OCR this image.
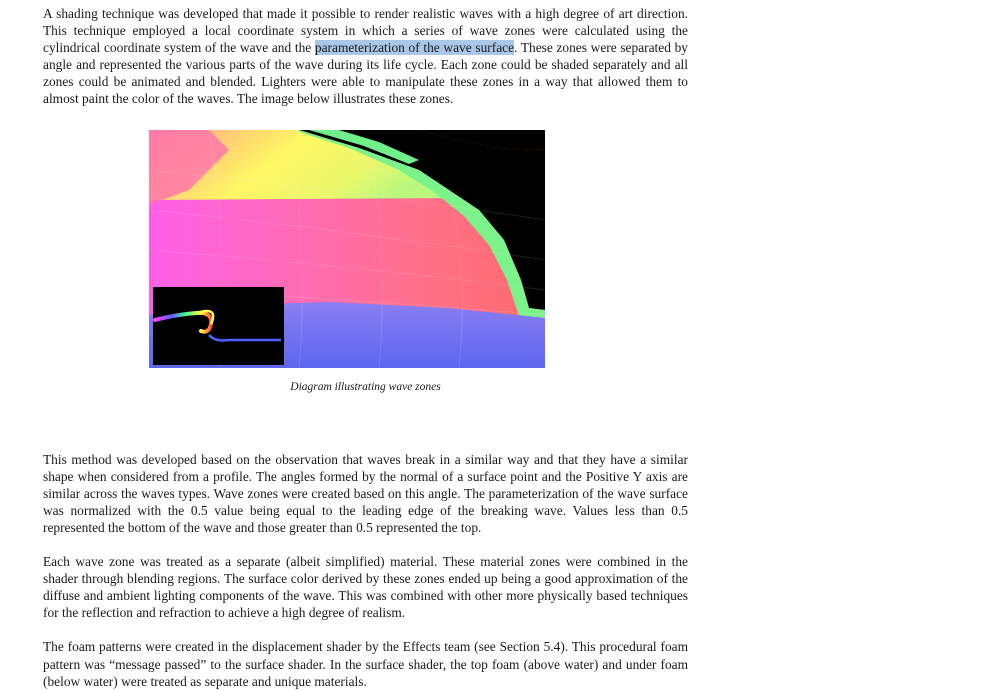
A shading technique was developed that made it possible to render realistic waves with a high degree of art direction. This technique employed a local coordinate system in which a series of wave zones were calculated using the cylindrical coordinate system of the wave and the parameterization of the wave surface. These zones were separated by angle and represented the various parts of the wave during its life cycle. Each zone could be shaded separately and all zones could be animated and blended. Lighters were able to manipulate these zones in a way that allowed them to almost paint the color of the waves. The image below illustrates these zones.

Diagram illustrating wave zones

This method was developed based on the observation that waves break in a similar way and that they have a similar shape when considered from a profile. The angles formed by the normal of a surface point and the Positive Y axis are similar across the waves types. Wave zones were created based on this angle. The parameterization of the wave surface was normalized with the 0.5 value being equal to the leading edge of the breaking wave. Values less than 0.5 represented the bottom of the wave and those greater than 0.5 represented the top.

Each wave zone was treated as a separate (albeit simplified) material. These material zones were combined in the shader through blending regions. The surface color derived by these zones ended up being a good approximation of the diffuse and ambient lighting components of the wave. This was combined with other more physically based techniques for the reflection and refraction to achieve a high degree of realism.

The foam patterns were created in the displacement shader by the Effects team (see Section 5.4). This procedural foam pattern was “message passed” to the surface shader. In the surface shader, the top foam (above water) and under foam (below water) were treated as separate and unique materials.
